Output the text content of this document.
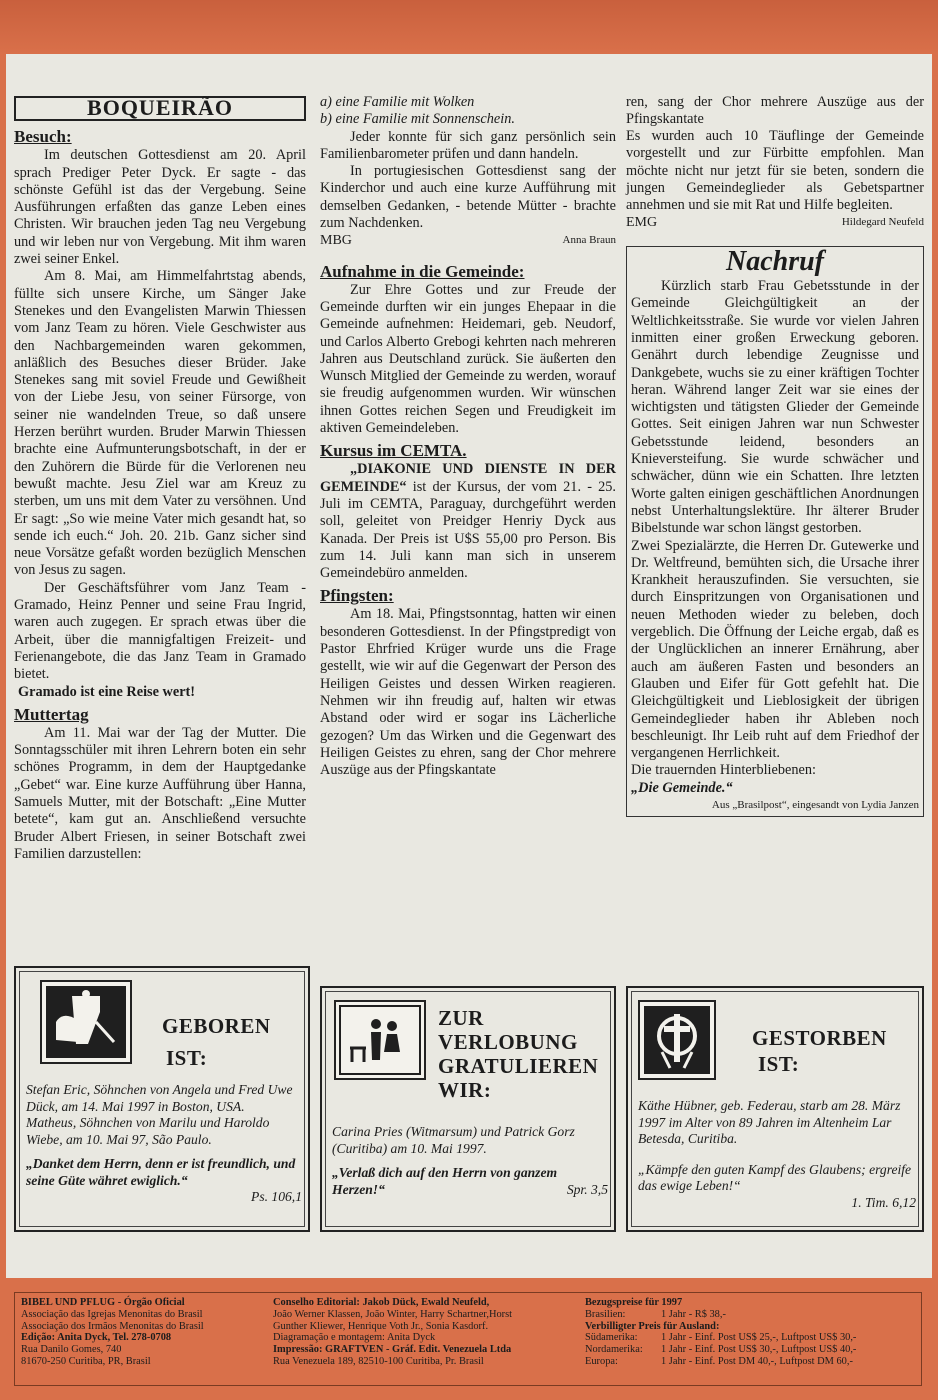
BOQUEIRÃO
Besuch:

Im deutschen Gottesdienst am 20. April sprach Prediger Peter Dyck. Er sagte - das schönste Gefühl ist das der Vergebung. Seine Ausführungen erfaßten das ganze Leben eines Christen. Wir brauchen jeden Tag neu Vergebung und wir leben nur von Vergebung. Mit ihm waren zwei seiner Enkel.

Am 8. Mai, am Himmelfahrtstag abends, füllte sich unsere Kirche, um Sänger Jake Stenekes und den Evangelisten Marwin Thiessen vom Janz Team zu hören. Viele Geschwister aus den Nachbargemeinden waren gekommen, anläßlich des Besuches dieser Brüder. Jake Stenekes sang mit soviel Freude und Gewißheit von der Liebe Jesu, von seiner Fürsorge, von seiner nie wandelnden Treue, so daß unsere Herzen berührt wurden. Bruder Marwin Thiessen brachte eine Aufmunterungsbotschaft, in der er den Zuhörern die Bürde für die Verlorenen neu bewußt machte. Jesu Ziel war am Kreuz zu sterben, um uns mit dem Vater zu versöhnen. Und Er sagt: „So wie meine Vater mich gesandt hat, so sende ich euch.“ Joh. 20. 21b. Ganz sicher sind neue Vorsätze gefaßt worden bezüglich Menschen von Jesus zu sagen.

Der Geschäftsführer vom Janz Team - Gramado, Heinz Penner und seine Frau Ingrid, waren auch zugegen. Er sprach etwas über die Arbeit, über die mannigfaltigen Freizeit- und Ferienangebote, die das Janz Team in Gramado bietet.

Gramado ist eine Reise wert!

Muttertag

Am 11. Mai war der Tag der Mutter. Die Sonntagsschüler mit ihren Lehrern boten ein sehr schönes Programm, in dem der Hauptgedanke „Gebet“ war. Eine kurze Aufführung über Hanna, Samuels Mutter, mit der Botschaft: „Eine Mutter betete“, kam gut an. Anschließend versuchte Bruder Albert Friesen, in seiner Botschaft zwei Familien darzustellen:

a) eine Familie mit Wolken

b) eine Familie mit Sonnenschein.

Jeder konnte für sich ganz persönlich sein Familienbarometer prüfen und dann handeln.

In portugiesischen Gottesdienst sang der Kinderchor und auch eine kurze Aufführung mit demselben Gedanken, - betende Mütter - brachte zum Nachdenken.

MBG	Anna Braun
Aufnahme in die Gemeinde:

Zur Ehre Gottes und zur Freude der Gemeinde durften wir ein junges Ehepaar in die Gemeinde aufnehmen: Heidemari, geb. Neudorf, und Carlos Alberto Grebogi kehrten nach mehreren Jahren aus Deutschland zurück. Sie äußerten den Wunsch Mitglied der Gemeinde zu werden, worauf sie freudig aufgenommen wurden. Wir wünschen ihnen Gottes reichen Segen und Freudigkeit im aktiven Gemeindeleben.

Kursus im CEMTA.

„DIAKONIE UND DIENSTE IN DER GEMEINDE“ ist der Kursus, der vom 21. - 25. Juli im CEMTA, Paraguay, durchgeführt werden soll, geleitet von Preidger Henriy Dyck aus Kanada. Der Preis ist U$S 55,00 pro Person. Bis zum 14. Juli kann man sich in unserem Gemeindebüro anmelden.

Pfingsten:

Am 18. Mai, Pfingstsonntag, hatten wir einen besonderen Gottesdienst. In der Pfingstpredigt von Pastor Ehrfried Krüger wurde uns die Frage gestellt, wie wir auf die Gegenwart der Person des Heiligen Geistes und dessen Wirken reagieren. Nehmen wir ihn freudig auf, halten wir etwas Abstand oder wird er sogar ins Lächerliche gezogen? Um das Wirken und die Gegenwart des Heiligen Geistes zu ehren, sang der Chor mehrere Auszüge aus der Pfingskantate

ren, sang der Chor mehrere Auszüge aus der Pfingskantate

Es wurden auch 10 Täuflinge der Gemeinde vorgestellt und zur Fürbitte empfohlen. Man möchte nicht nur jetzt für sie beten, sondern die jungen Gemeindeglieder als Gebetspartner annehmen und sie mit Rat und Hilfe begleiten.

EMG	Hildegard Neufeld
Nachruf

Kürzlich starb Frau Gebetsstunde in der Gemeinde Gleichgültigkeit an der Weltlichkeitsstraße. Sie wurde vor vielen Jahren inmitten einer großen Erweckung geboren. Genährt durch lebendige Zeugnisse und Dankgebete, wuchs sie zu einer kräftigen Tochter heran. Während langer Zeit war sie eines der wichtigsten und tätigsten Glieder der Gemeinde Gottes. Seit einigen Jahren war nun Schwester Gebetsstunde leidend, besonders an Knieversteifung. Sie wurde schwächer und schwächer, dünn wie ein Schatten. Ihre letzten Worte galten einigen geschäftlichen Anordnungen nebst Unterhaltungslektüre. Ihr älterer Bruder Bibelstunde war schon längst gestorben.

Zwei Spezialärzte, die Herren Dr. Gutewerke und Dr. Weltfreund, bemühten sich, die Ursache ihrer Krankheit herauszufinden. Sie versuchten, sie durch Einspritzungen von Organisationen und neuen Methoden wieder zu beleben, doch vergeblich. Die Öffnung der Leiche ergab, daß es der Unglücklichen an innerer Ernährung, aber auch am äußeren Fasten und besonders an Glauben und Eifer für Gott gefehlt hat. Die Gleichgültigkeit und Lieblosigkeit der übrigen Gemeindeglieder haben ihr Ableben noch beschleunigt. Ihr Leib ruht auf dem Friedhof der vergangenen Herrlichkeit.

Die trauernden Hinterbliebenen:

„Die Gemeinde.“

Aus „Brasilpost“, eingesandt von Lydia Janzen

GEBOREN
IST:

Stefan Eric, Söhnchen von Angela und Fred Uwe Dück, am 14. Mai 1997 in Boston, USA.

Matheus, Söhnchen von Marilu und Haroldo Wiebe, am 10. Mai 97, São Paulo.

„Danket dem Herrn, denn er ist freundlich, und seine Güte währet ewiglich.“

Ps. 106,1

ZUR
VERLOBUNG
GRATULIEREN
WIR:

Carina Pries (Witmarsum) und Patrick Gorz (Curitiba) am 10. Mai 1997.

„Verlaß dich auf den Herrn von ganzem Herzen!“	Spr. 3,5

GESTORBEN
IST:

Käthe Hübner, geb. Federau, starb am 28. März 1997 im Alter von 89 Jahren im Altenheim Lar Betesda, Curitiba.

„Kämpfe den guten Kampf des Glaubens; ergreife das ewige Leben!“

1. Tim. 6,12

BIBEL UND PFLUG - Órgão Oficial
Associação das Igrejas Menonitas do Brasil
Associação dos Irmãos Menonitas do Brasil
Edição: Anita Dyck, Tel. 278-0708
Rua Danilo Gomes, 740
81670-250 Curitiba, PR, Brasil
Conselho Editorial: Jakob Dück, Ewald Neufeld,
João Werner Klassen, João Winter, Harry Schartner,Horst
Gunther Kliewer, Henrique Voth Jr., Sonia Kasdorf.
Diagramação e montagem: Anita Dyck
Impressão: GRAFTVEN - Gráf. Edit. Venezuela Ltda
Rua Venezuela 189, 82510-100 Curitiba, Pr. Brasil
Bezugspreise für 1997
Brasilien:	1 Jahr - R$ 38,-
Verbilligter Preis für Ausland:
Südamerika:	1 Jahr - Einf. Post US$ 25,-, Luftpost US$ 30,-
Nordamerika:	1 Jahr - Einf. Post US$ 30,-, Luftpost US$ 40,-
Europa:	1 Jahr - Einf. Post DM 40,-, Luftpost DM 60,-
